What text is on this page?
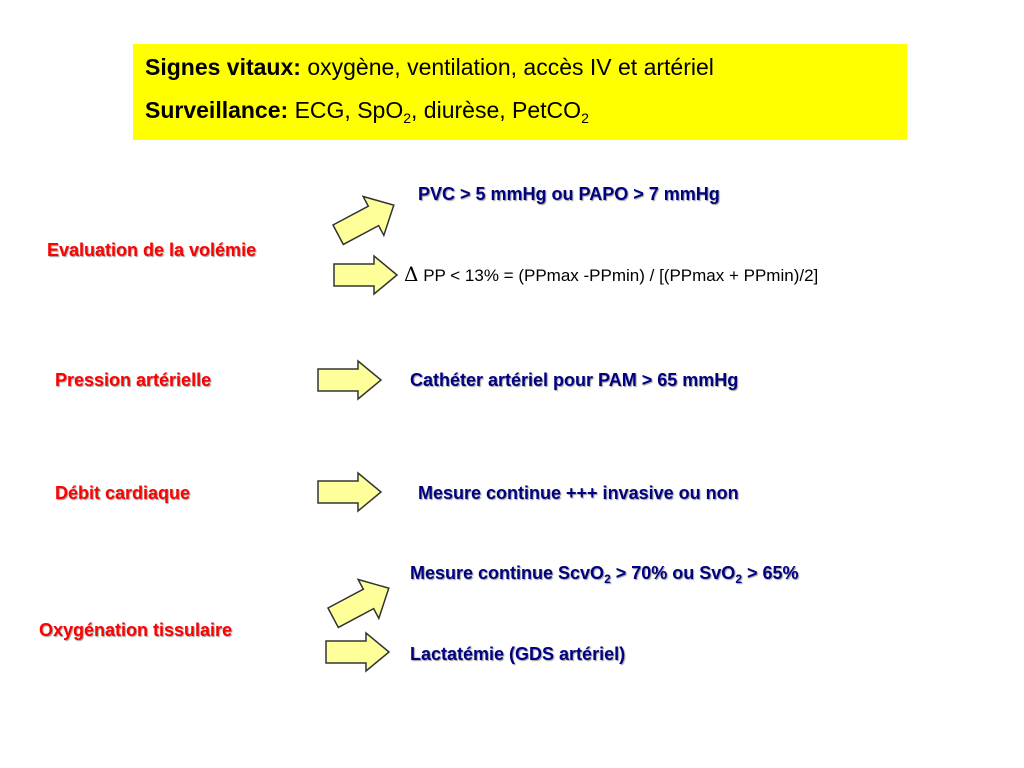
Signes vitaux: oxygène, ventilation, accès IV et artériel
Surveillance: ECG, SpO$_2$, diurèse, PetCO$_2$
Evaluation de la volémie
PVC > 5 mmHg ou PAPO > 7 mmHg
Δ PP < 13% = (PPmax -PPmin) / [(PPmax + PPmin)/2]
Pression artérielle	Cathéter artériel pour PAM > 65 mmHg
Débit cardiaque	Mesure continue +++ invasive ou non
Oxygénation tissulaire
Mesure continue ScvO$_2$ > 70% ou SvO$_2$ > 65%
Lactatémie (GDS artériel)
